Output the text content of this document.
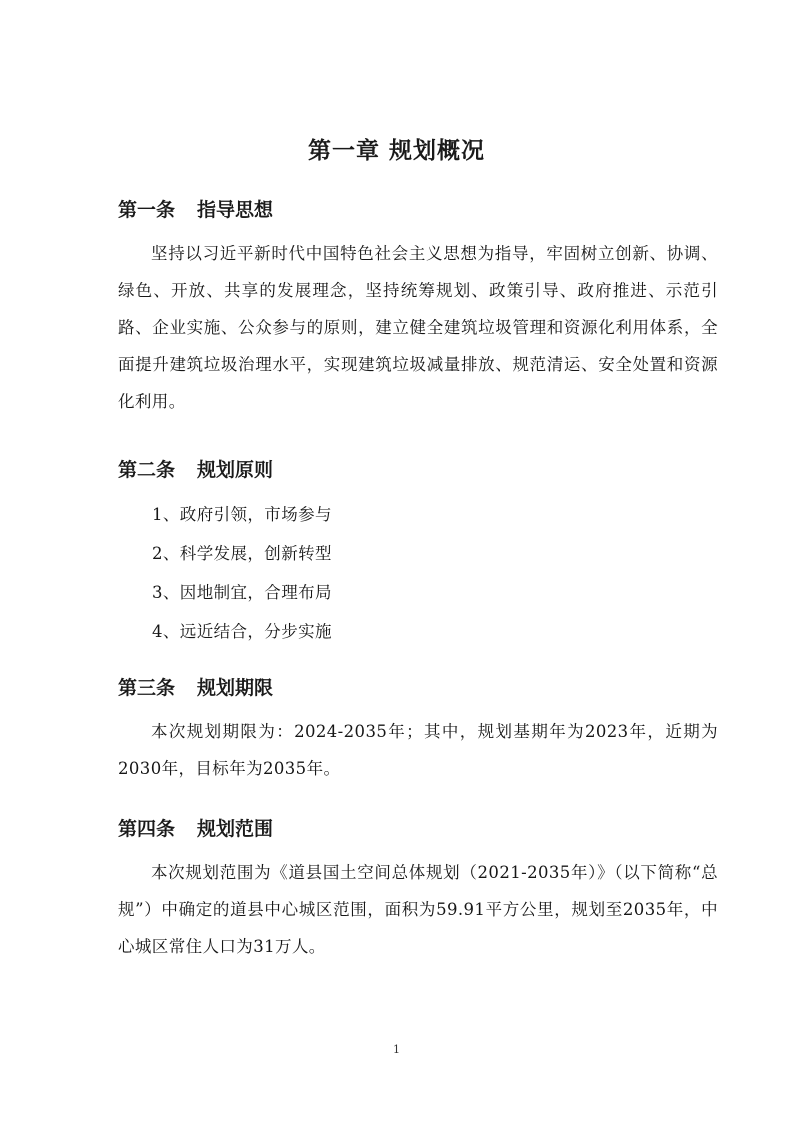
第一章 规划概况
第一条 指导思想
坚持以习近平新时代中国特色社会主义思想为指导，牢固树立创新、协调、绿色、开放、共享的发展理念，坚持统筹规划、政策引导、政府推进、示范引路、企业实施、公众参与的原则，建立健全建筑垃圾管理和资源化利用体系，全面提升建筑垃圾治理水平，实现建筑垃圾减量排放、规范清运、安全处置和资源化利用。
第二条 规划原则
1、政府引领，市场参与
2、科学发展，创新转型
3、因地制宜，合理布局
4、远近结合，分步实施
第三条 规划期限
本次规划期限为：2024-2035年；其中，规划基期年为2023年，近期为2030年，目标年为2035年。
第四条 规划范围
本次规划范围为《道县国土空间总体规划（2021-2035年）》（以下简称“总规”）中确定的道县中心城区范围，面积为59.91平方公里，规划至2035年，中心城区常住人口为31万人。
1
